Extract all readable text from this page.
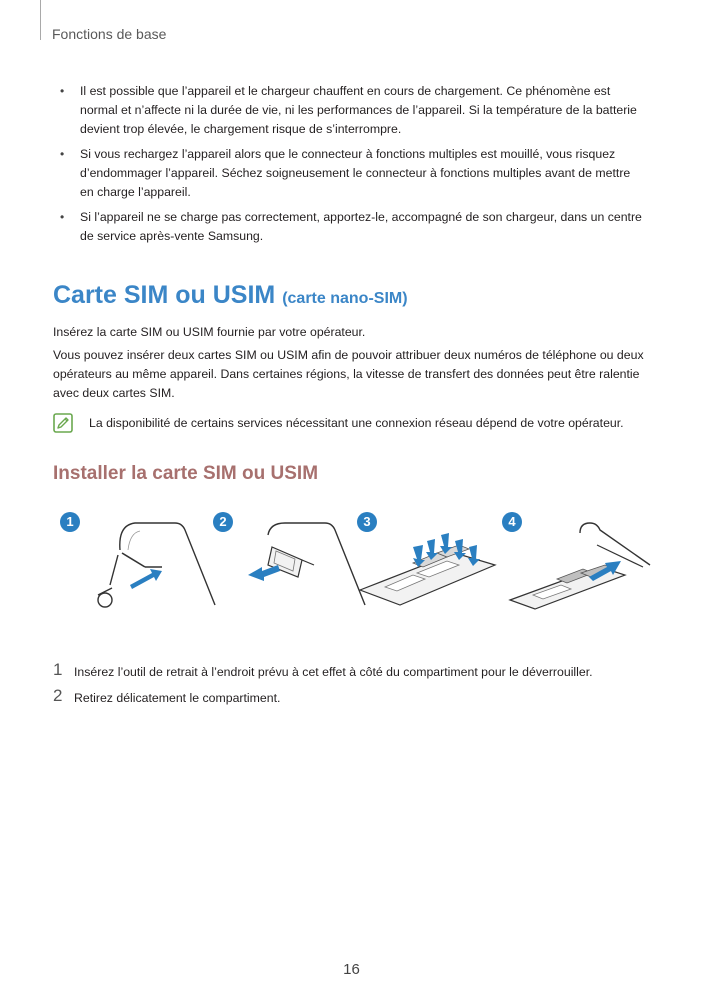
Fonctions de base
• Il est possible que l’appareil et le chargeur chauffent en cours de chargement. Ce phénomène est normal et n’affecte ni la durée de vie, ni les performances de l’appareil. Si la température de la batterie devient trop élevée, le chargement risque de s’interrompre.
• Si vous rechargez l’appareil alors que le connecteur à fonctions multiples est mouillé, vous risquez d’endommager l’appareil. Séchez soigneusement le connecteur à fonctions multiples avant de mettre en charge l’appareil.
• Si l’appareil ne se charge pas correctement, apportez-le, accompagné de son chargeur, dans un centre de service après-vente Samsung.
Carte SIM ou USIM (carte nano-SIM)

Insérez la carte SIM ou USIM fournie par votre opérateur.

Vous pouvez insérer deux cartes SIM ou USIM afin de pouvoir attribuer deux numéros de téléphone ou deux opérateurs au même appareil. Dans certaines régions, la vitesse de transfert des données peut être ralentie avec deux cartes SIM.

La disponibilité de certains services nécessitant une connexion réseau dépend de votre opérateur.
Installer la carte SIM ou USIM
1	2	3	4
1 Insérez l’outil de retrait à l’endroit prévu à cet effet à côté du compartiment pour le déverrouiller.
2 Retirez délicatement le compartiment.
16
